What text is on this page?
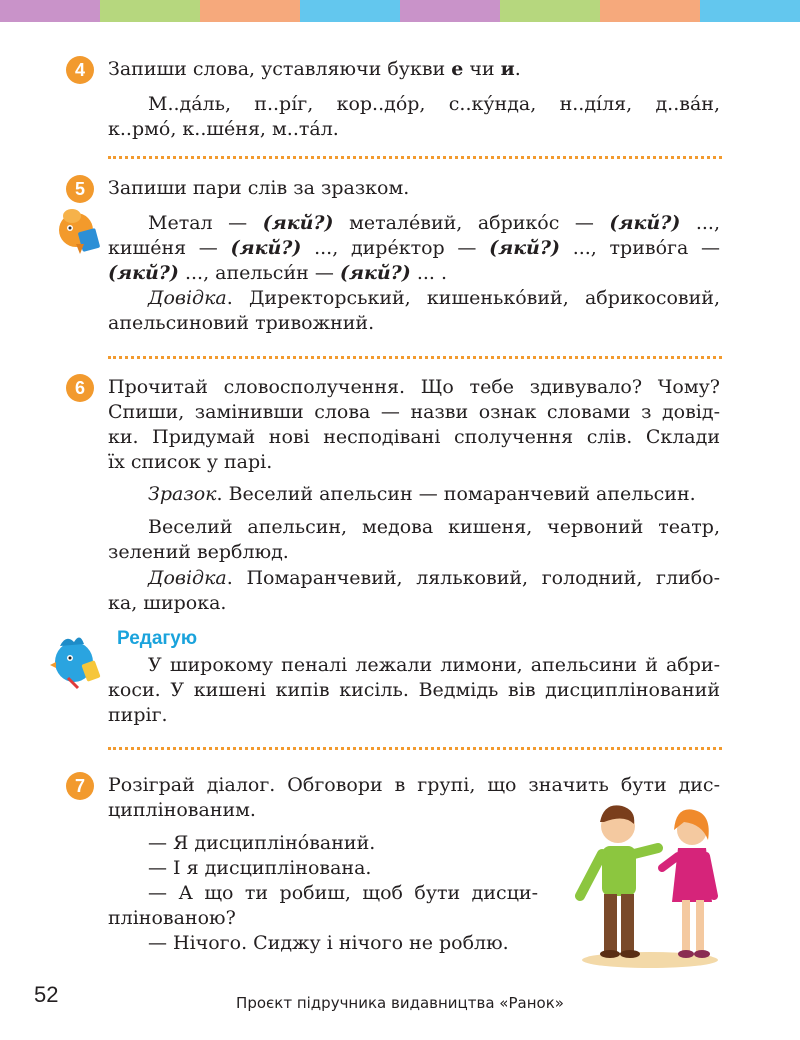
4	Запиши слова, уставляючи букви е чи и.
М..да́ль, п..рі́г, кор..до́р, с..ку́нда, н..ді́ля, д..ва́н,
к..рмо́, к..ше́ня, м..та́л.
5	Запиши пари слів за зразком.
Метал — (якй?) метале́вий, абрико́с — (якй?) ...,
кише́ня — (якй?) ..., дире́ктор — (якй?) ..., триво́га —
(якй?) ..., апельси́н — (якй?) ... .
Довідка. Директорський, кишенько́вий, абрикосовий,
апельсиновий тривожний.
6	Прочитай словосполучення. Що тебе здивувало? Чому?
Спиши, замінивши слова — назви ознак словами з довід-
ки. Придумай нові несподівані сполучення слів. Склади
їх список у парі.
Зразок. Веселий апельсин — помаранчевий апельсин.
Веселий апельсин, медова кишеня, червоний театр,
зелений верблюд.
Довідка. Помаранчевий, ляльковий, голодний, глибо-
ка, широка.
Редагую
У широкому пеналі лежали лимони, апельсини й абри-
коси. У кишені кипів кисіль. Ведмідь вів дисциплінований
пиріг.
7	Розіграй діалог. Обговори в групі, що значить бути дис-
циплінованим.
— Я дисципліно́ваний.
— І я дисциплінована.
— А що ти робиш, щоб бути дисци-
плінованою?
— Нічого. Сиджу і нічого не роблю.
52	Проєкт підручника видавництва «Ранок»
